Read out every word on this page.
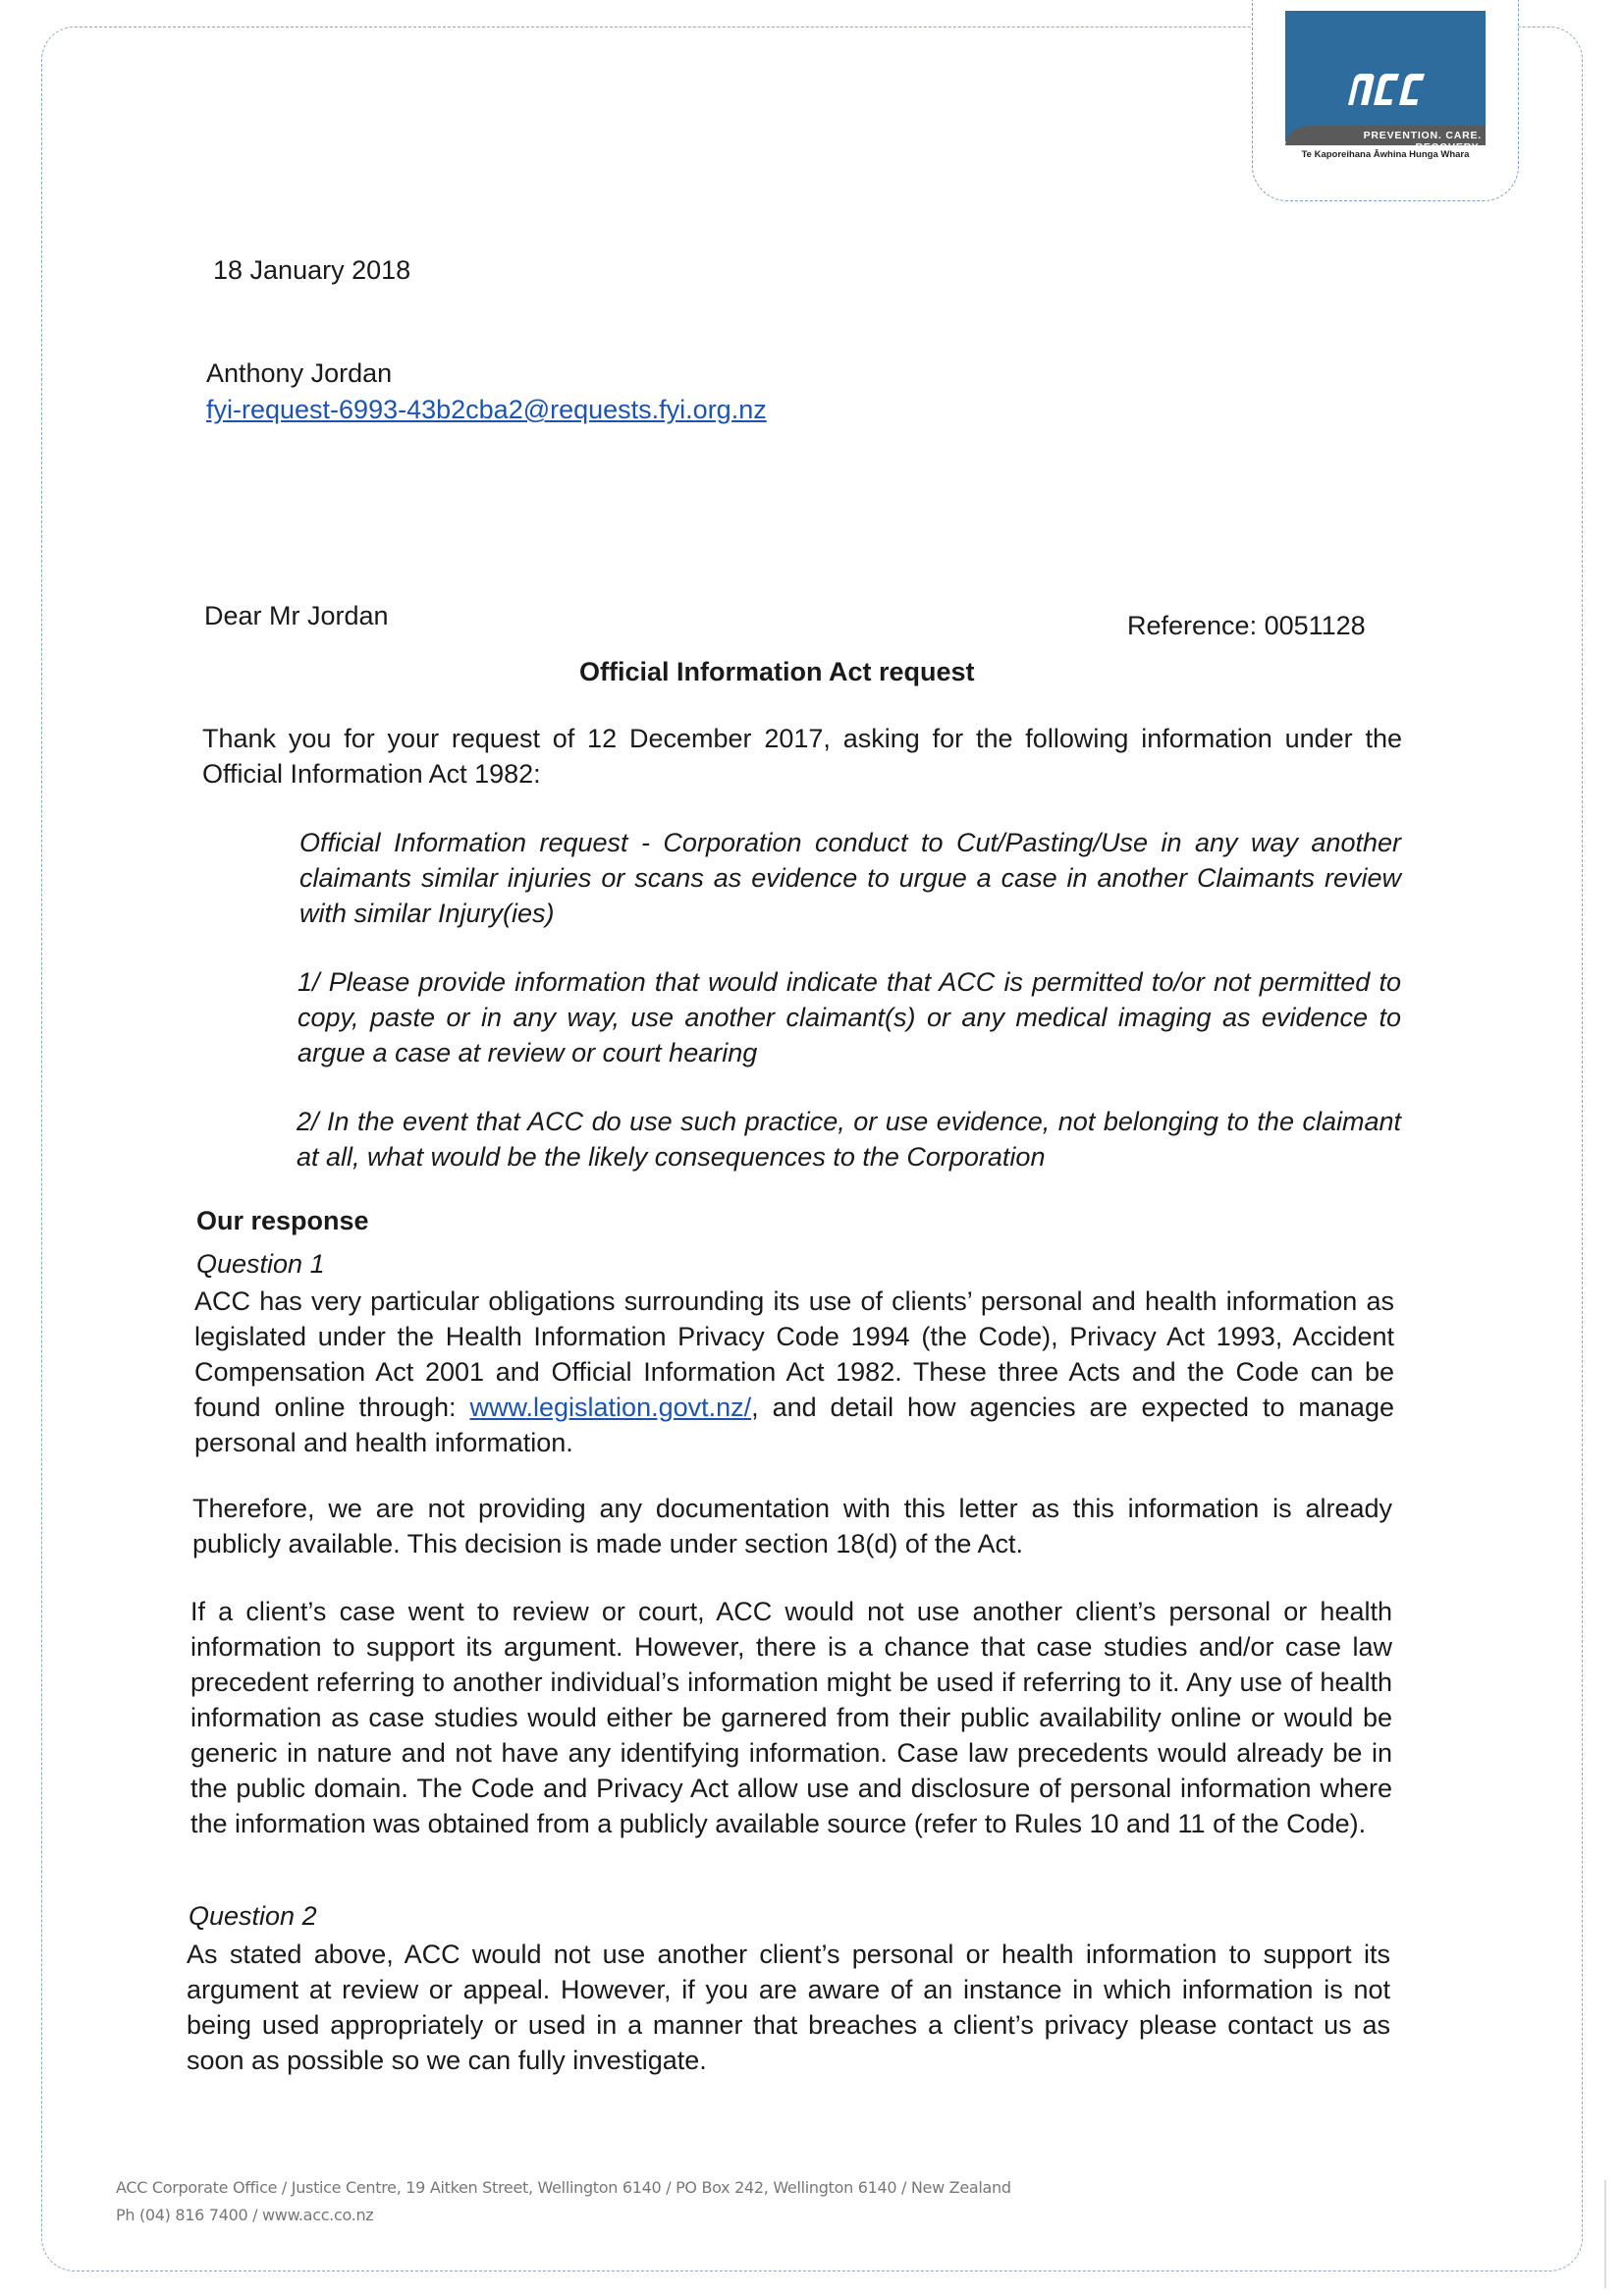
PREVENTION. CARE. RECOVERY.
Te Kaporeihana Āwhina Hunga Whara
18 January 2018
Anthony Jordan
fyi-request-6993-43b2cba2@requests.fyi.org.nz
Dear Mr Jordan	Reference: 0051128
Official Information Act request
Thank you for your request of 12 December 2017, asking for the following information under the Official Information Act 1982:
Official Information request - Corporation conduct to Cut/Pasting/Use in any way another claimants similar injuries or scans as evidence to urgue a case in another Claimants review with similar Injury(ies)
1/ Please provide information that would indicate that ACC is permitted to/or not permitted to copy, paste or in any way, use another claimant(s) or any medical imaging as evidence to argue a case at review or court hearing
2/ In the event that ACC do use such practice, or use evidence, not belonging to the claimant at all, what would be the likely consequences to the Corporation
Our response
Question 1
ACC has very particular obligations surrounding its use of clients’ personal and health information as legislated under the Health Information Privacy Code 1994 (the Code), Privacy Act 1993, Accident Compensation Act 2001 and Official Information Act 1982. These three Acts and the Code can be found online through: www.legislation.govt.nz/, and detail how agencies are expected to manage personal and health information.
Therefore, we are not providing any documentation with this letter as this information is already publicly available. This decision is made under section 18(d) of the Act.
If a client’s case went to review or court, ACC would not use another client’s personal or health information to support its argument. However, there is a chance that case studies and/or case law precedent referring to another individual’s information might be used if referring to it. Any use of health information as case studies would either be garnered from their public availability online or would be generic in nature and not have any identifying information. Case law precedents would already be in the public domain. The Code and Privacy Act allow use and disclosure of personal information where the information was obtained from a publicly available source (refer to Rules 10 and 11 of the Code).
Question 2
As stated above, ACC would not use another client’s personal or health information to support its argument at review or appeal. However, if you are aware of an instance in which information is not being used appropriately or used in a manner that breaches a client’s privacy please contact us as soon as possible so we can fully investigate.
ACC Corporate Office / Justice Centre, 19 Aitken Street, Wellington 6140 / PO Box 242, Wellington 6140 / New Zealand
Ph (04) 816 7400 / www.acc.co.nz
